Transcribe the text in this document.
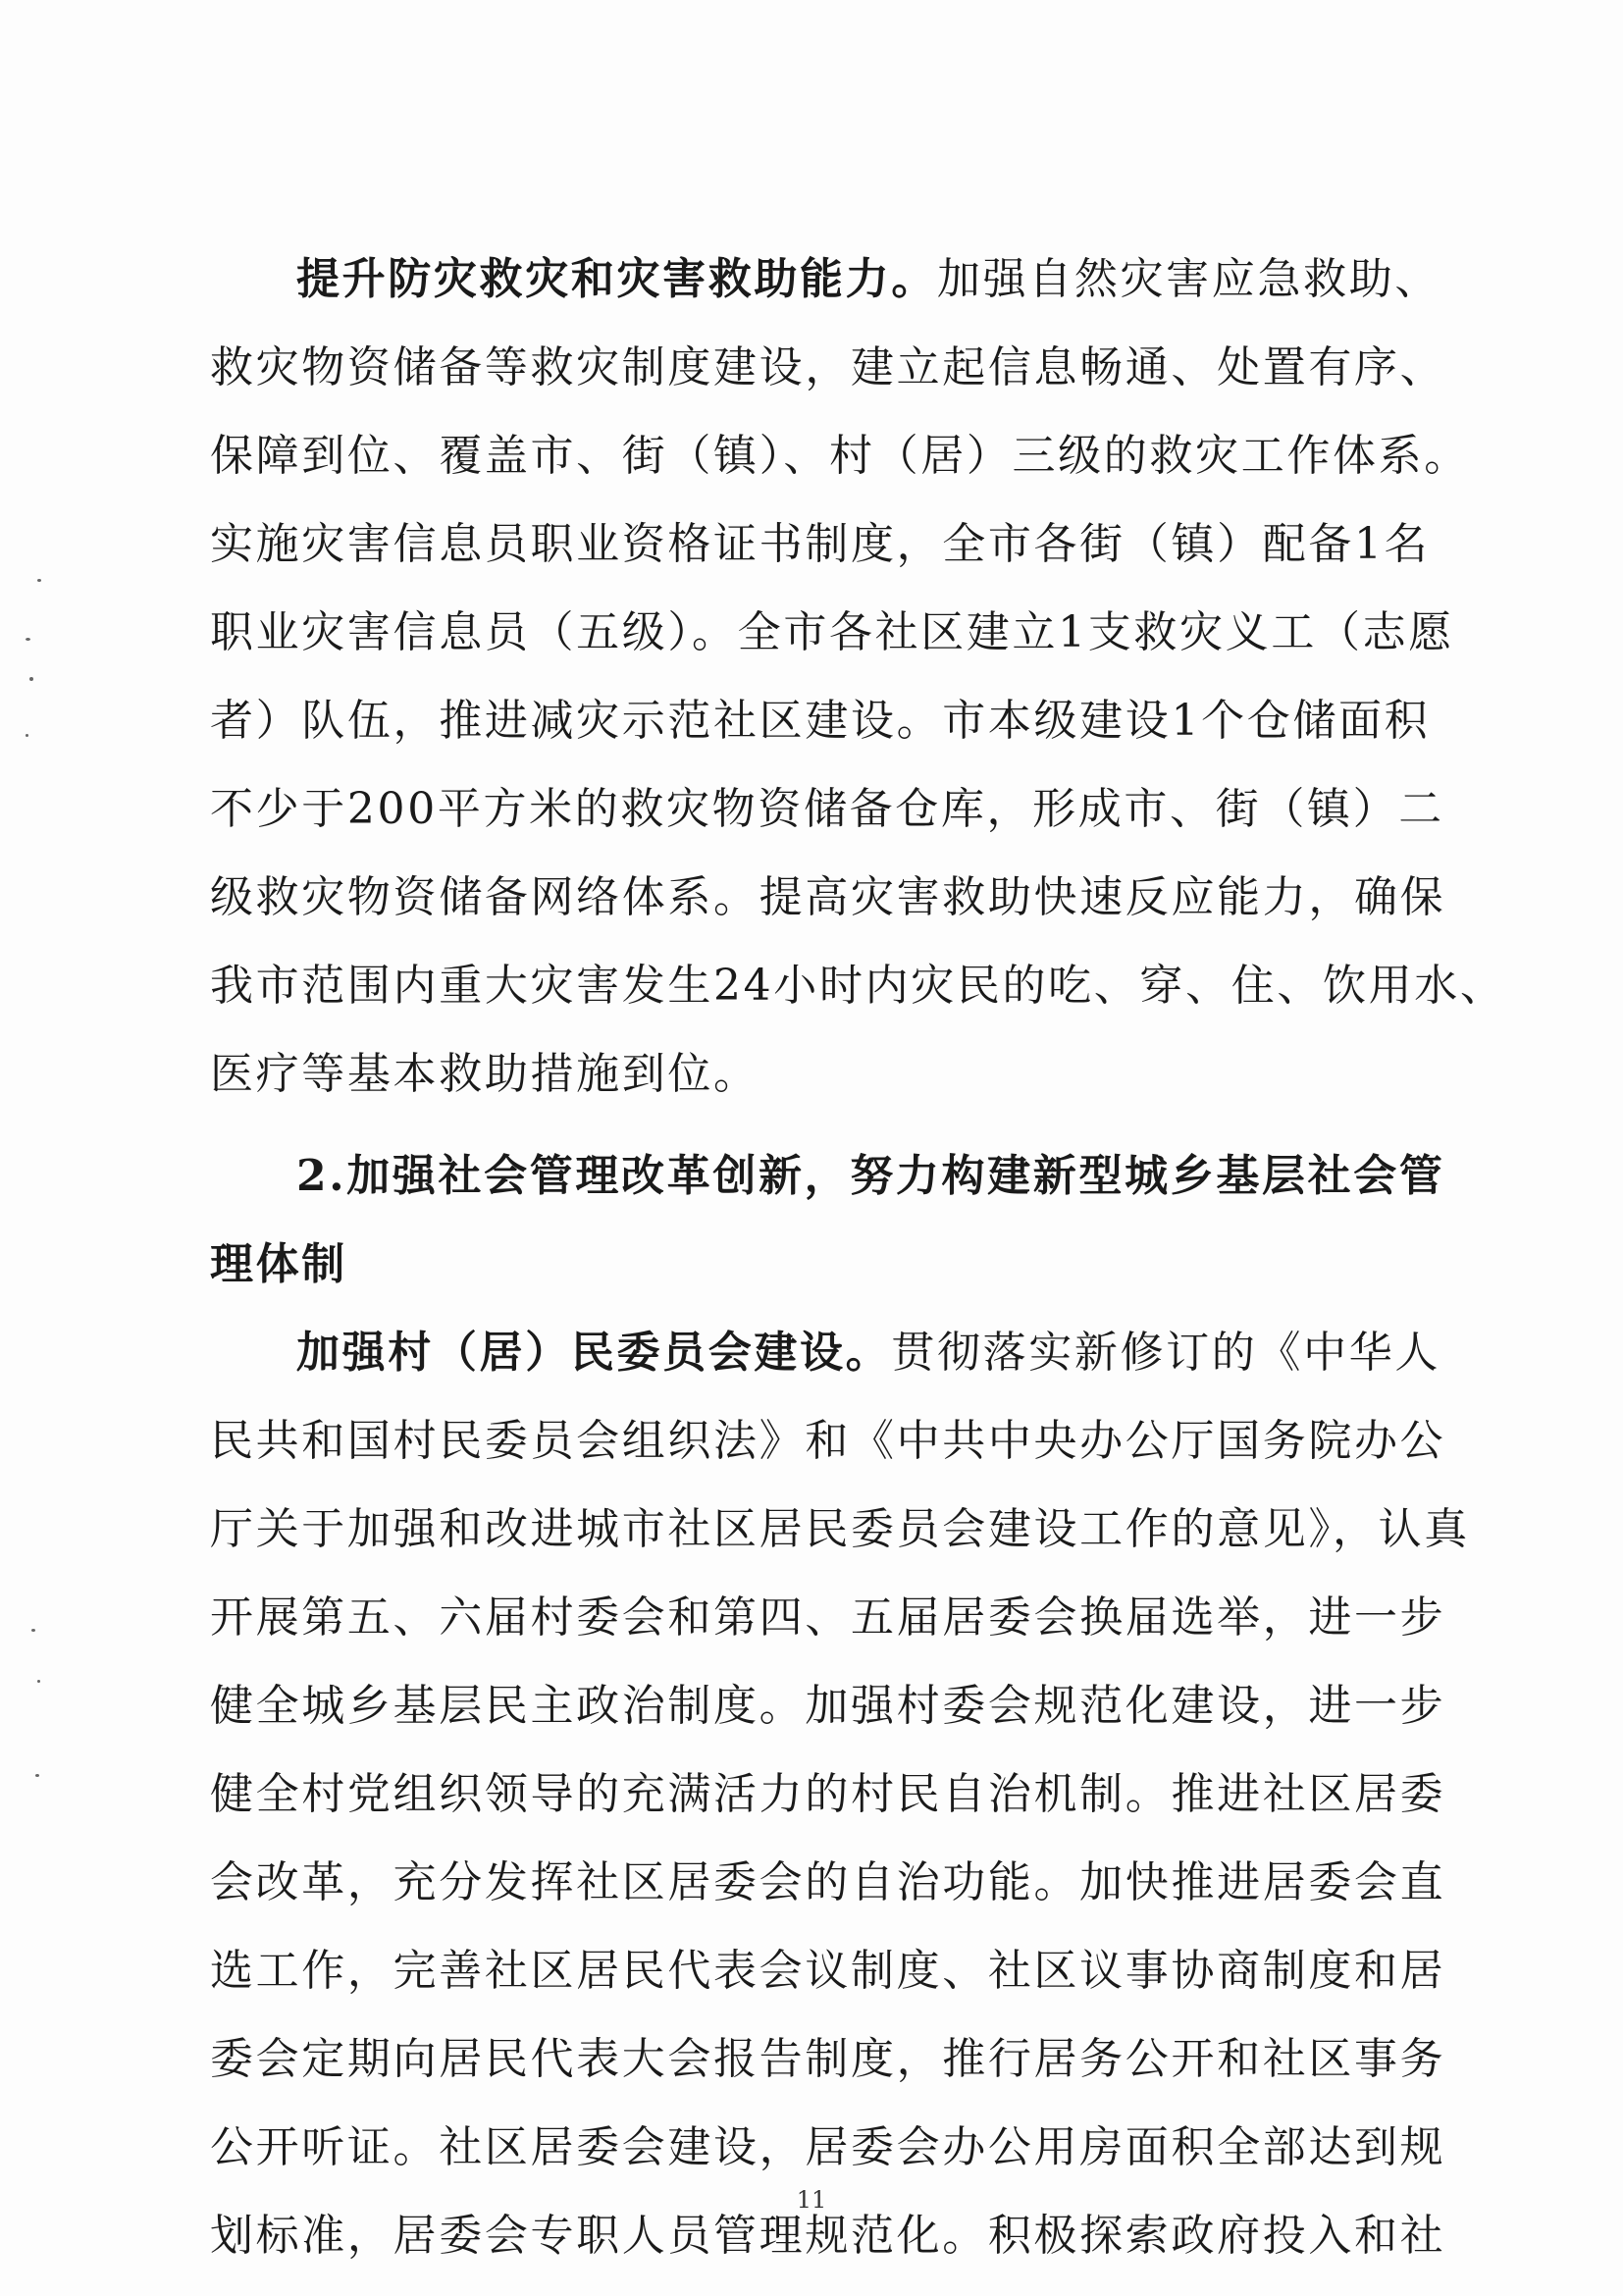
提升防灾救灾和灾害救助能力。加强自然灾害应急救助、
救灾物资储备等救灾制度建设，建立起信息畅通、处置有序、
保障到位、覆盖市、街（镇）、村（居）三级的救灾工作体系。
实施灾害信息员职业资格证书制度，全市各街（镇）配备1名
职业灾害信息员（五级）。全市各社区建立1支救灾义工（志愿
者）队伍，推进减灾示范社区建设。市本级建设1个仓储面积
不少于200平方米的救灾物资储备仓库，形成市、街（镇）二
级救灾物资储备网络体系。提高灾害救助快速反应能力，确保
我市范围内重大灾害发生24小时内灾民的吃、穿、住、饮用水、
医疗等基本救助措施到位。
2.加强社会管理改革创新，努力构建新型城乡基层社会管
理体制
加强村（居）民委员会建设。贯彻落实新修订的《中华人
民共和国村民委员会组织法》和《中共中央办公厅国务院办公
厅关于加强和改进城市社区居民委员会建设工作的意见》，认真
开展第五、六届村委会和第四、五届居委会换届选举，进一步
健全城乡基层民主政治制度。加强村委会规范化建设，进一步
健全村党组织领导的充满活力的村民自治机制。推进社区居委
会改革，充分发挥社区居委会的自治功能。加快推进居委会直
选工作，完善社区居民代表会议制度、社区议事协商制度和居
委会定期向居民代表大会报告制度，推行居务公开和社区事务
公开听证。社区居委会建设，居委会办公用房面积全部达到规
划标准，居委会专职人员管理规范化。积极探索政府投入和社
11
